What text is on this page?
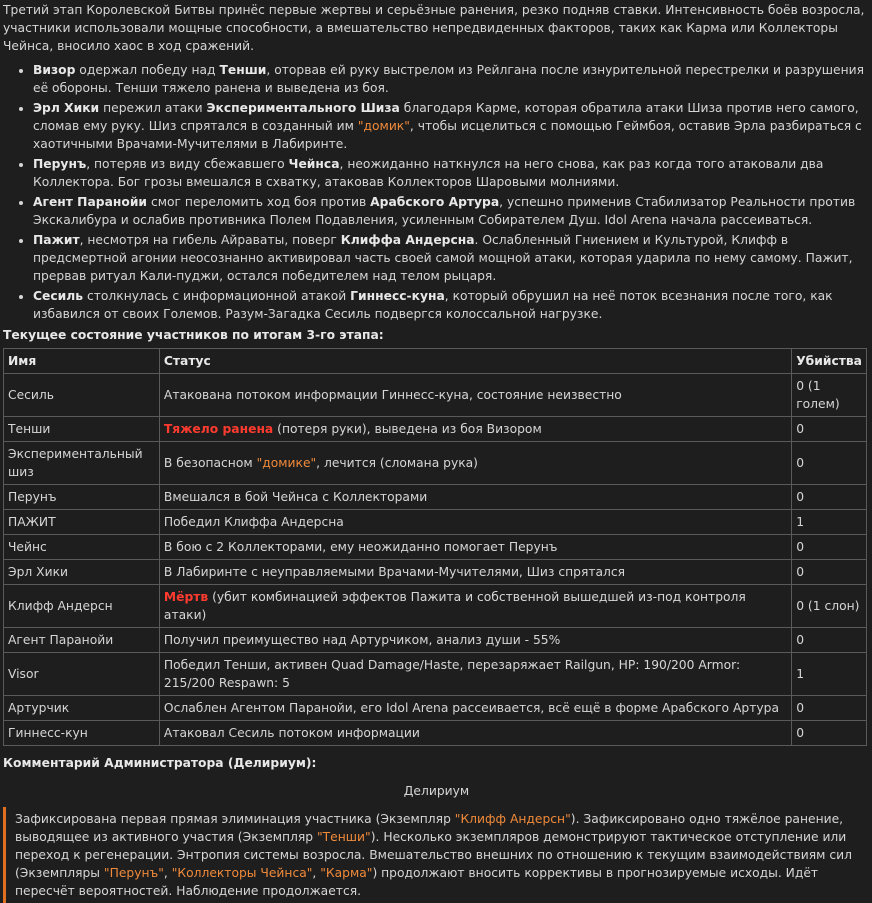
Третий этап Королевской Битвы принёс первые жертвы и серьёзные ранения, резко подняв ставки. Интенсивность боёв возросла, участники использовали мощные способности, а вмешательство непредвиденных факторов, таких как Карма или Коллекторы Чейнса, вносило хаос в ход сражений.

• Визор одержал победу над Тенши, оторвав ей руку выстрелом из Рейлгана после изнурительной перестрелки и разрушения её обороны. Тенши тяжело ранена и выведена из боя.
• Эрл Хики пережил атаки Экспериментального Шиза благодаря Карме, которая обратила атаки Шиза против него самого, сломав ему руку. Шиз спрятался в созданный им "домик", чтобы исцелиться с помощью Геймбоя, оставив Эрла разбираться с хаотичными Врачами-Мучителями в Лабиринте.
• Перунъ, потеряв из виду сбежавшего Чейнса, неожиданно наткнулся на него снова, как раз когда того атаковали два Коллектора. Бог грозы вмешался в схватку, атаковав Коллекторов Шаровыми молниями.
• Агент Паранойи смог переломить ход боя против Арабского Артура, успешно применив Стабилизатор Реальности против Экскалибура и ослабив противника Полем Подавления, усиленным Собирателем Душ. Idol Arena начала рассеиваться.
• Пажит, несмотря на гибель Айраваты, поверг Клиффа Андерсна. Ослабленный Гниением и Культурой, Клифф в предсмертной агонии неосознанно активировал часть своей самой мощной атаки, которая ударила по нему самому. Пажит, прервав ритуал Кали-пуджи, остался победителем над телом рыцаря.
• Сесиль столкнулась с информационной атакой Гиннесс-куна, который обрушил на неё поток всезнания после того, как избавился от своих Големов. Разум-Загадка Сесиль подвергся колоссальной нагрузке.

Текущее состояние участников по итогам 3-го этапа:

Имя	Статус	Убийства
Сесиль	Атакована потоком информации Гиннесс-куна, состояние неизвестно	0 (1 голем)
Тенши	Тяжело ранена (потеря руки), выведена из боя Визором	0
Экспериментальный шиз	В безопасном "домике", лечится (сломана рука)	0
Перунъ	Вмешался в бой Чейнса с Коллекторами	0
ПАЖИТ	Победил Клиффа Андерсна	1
Чейнс	В бою с 2 Коллекторами, ему неожиданно помогает Перунъ	0
Эрл Хики	В Лабиринте с неуправляемыми Врачами-Мучителями, Шиз спрятался	0
Клифф Андерсн	Мёртв (убит комбинацией эффектов Пажита и собственной вышедшей из-под контроля атаки)	0 (1 слон)
Агент Паранойи	Получил преимущество над Артурчиком, анализ души - 55%	0
Visor	Победил Тенши, активен Quad Damage/Haste, перезаряжает Railgun, HP: 190/200 Armor: 215/200 Respawn: 5	1
Артурчик	Ослаблен Агентом Паранойи, его Idol Arena рассеивается, всё ещё в форме Арабского Артура	0
Гиннесс-кун	Атаковал Сесиль потоком информации	0

Комментарий Администратора (Делириум):

Делириум

Зафиксирована первая прямая элиминация участника (Экземпляр "Клифф Андерсн"). Зафиксировано одно тяжёлое ранение, выводящее из активного участия (Экземпляр "Тенши"). Несколько экземпляров демонстрируют тактическое отступление или переход к регенерации. Энтропия системы возросла. Вмешательство внешних по отношению к текущим взаимодействиям сил (Экземпляры "Перунъ", "Коллекторы Чейнса", "Карма") продолжают вносить коррективы в прогнозируемые исходы. Идёт пересчёт вероятностей. Наблюдение продолжается.
